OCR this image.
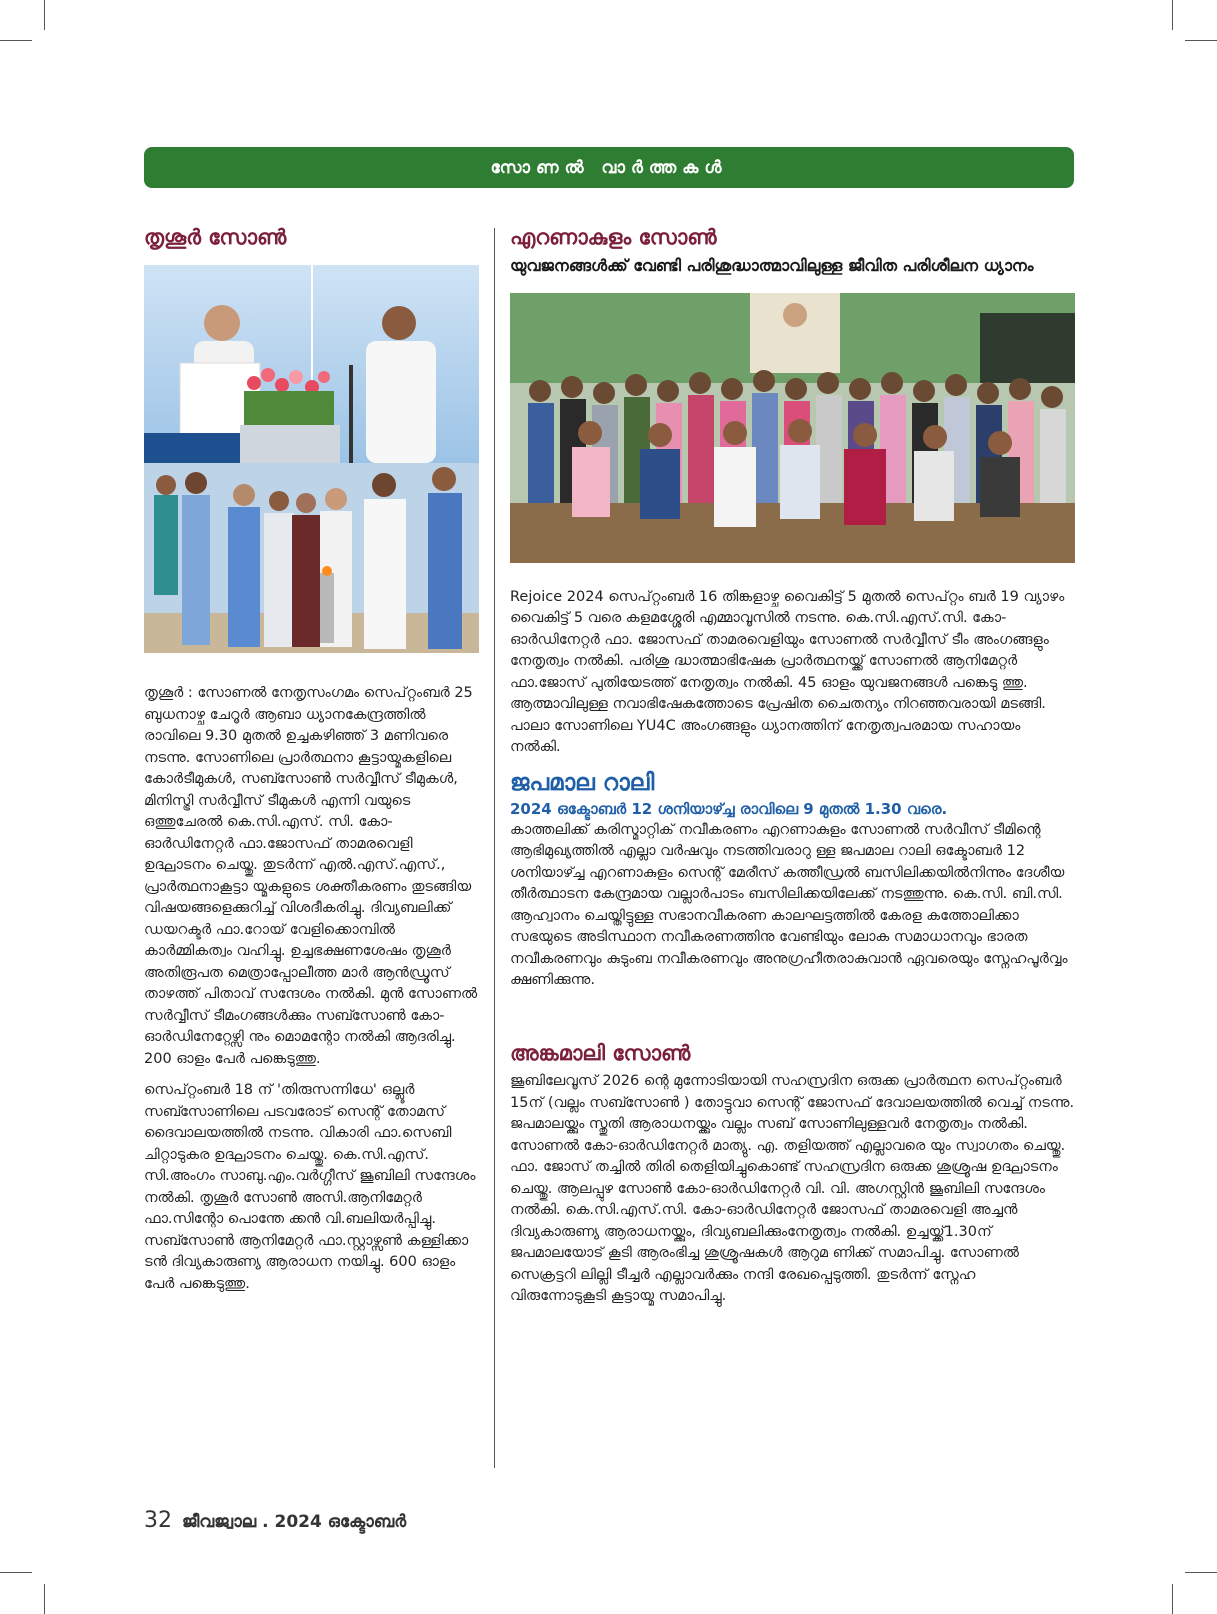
സോണൽ വാർത്തകൾ
തൃശൂർ സോൺ

തൃശൂർ : സോണൽ നേതൃസംഗമം സെപ്റ്റംബർ 25 ബുധനാഴ്ച ചേറൂർ ആബാ ധ്യാനകേന്ദ്രത്തിൽ രാവിലെ 9.30 മുതൽ ഉച്ചകഴിഞ്ഞ് 3 മണിവരെ നടന്നു. സോണിലെ പ്രാർത്ഥനാ കൂട്ടായ്മകളിലെ കോർടീമുകൾ, സബ്സോൺ സർവ്വീസ് ടീമുകൾ, മിനിസ്ട്രി സർവ്വീസ് ടീമുകൾ എന്നി വയുടെ ഒത്തുചേരൽ കെ.സി.എസ്. സി. കോ-ഓർഡിനേറ്റർ ഫാ.ജോസഫ് താമരവെളി ഉദ്ഘാടനം ചെയ്തു. തുടർന്ന് എൽ.എസ്.എസ്., പ്രാർത്ഥനാകൂട്ടാ യ്മകളുടെ ശക്തീകരണം തുടങ്ങിയ വിഷയങ്ങളെക്കുറിച്ച് വിശദീകരിച്ചു. ദിവ്യബലിക്ക് ഡയറക്ടർ ഫാ.റോയ് വേളിക്കൊമ്പിൽ കാർമ്മികത്വം വഹിച്ചു. ഉച്ചഭക്ഷണശേഷം തൃശൂർ അതിരൂപത മെത്രാപ്പോലീത്ത മാർ ആൻഡ്രൂസ് താഴത്ത് പിതാവ് സന്ദേശം നൽകി. മുൻ സോണൽ സർവ്വീസ് ടീമംഗങ്ങൾക്കും സബ്സോൺ കോ-ഓർഡിനേറ്റേഴ്സി നും മൊമന്റോ നൽകി ആദരിച്ചു. 200 ഓളം പേർ പങ്കെടുത്തു.

സെപ്റ്റംബർ 18 ന് 'തിരുസന്നിധേ' ഒല്ലൂർ സബ്സോണിലെ പടവരോട് സെന്റ് തോമസ് ദൈവാലയത്തിൽ നടന്നു. വികാരി ഫാ.സെബി ചിറ്റാടുകര ഉദ്ഘാടനം ചെയ്തു. കെ.സി.എസ്. സി.അംഗം സാബു.എം.വർഗ്ഗീസ് ജൂബിലി സന്ദേശം നൽകി. തൃശൂർ സോൺ അസി.ആനിമേറ്റർ ഫാ.സിന്റോ പൊന്തേ ക്കൻ വി.ബലിയർപ്പിച്ചു. സബ്സോൺ ആനിമേറ്റർ ഫാ.സ്റ്റാഴ്സൺ കള്ളിക്കാ ടൻ ദിവ്യകാരുണ്യ ആരാധന നയിച്ചു. 600 ഓളം പേർ പങ്കെടുത്തു.

എറണാകുളം സോൺ

യുവജനങ്ങൾക്ക് വേണ്ടി പരിശുദ്ധാത്മാവിലുള്ള ജീവിത പരിശീലന ധ്യാനം

Rejoice 2024 സെപ്റ്റംബർ 16 തിങ്കളാഴ്ച വൈകിട്ട് 5 മുതൽ സെപ്റ്റം ബർ 19 വ്യാഴം വൈകിട്ട് 5 വരെ കളമശ്ശേരി എമ്മാവൂസിൽ നടന്നു. കെ.സി.എസ്.സി. കോ-ഓർഡിനേറ്റർ ഫാ. ജോസഫ് താമരവെളിയും സോണൽ സർവ്വീസ് ടീം അംഗങ്ങളും നേതൃത്വം നൽകി. പരിശു ദ്ധാത്മാഭിഷേക പ്രാർത്ഥനയ്ക്ക് സോണൽ ആനിമേറ്റർ ഫാ.ജോസ് പുതിയേടത്ത് നേതൃത്വം നൽകി. 45 ഓളം യുവജനങ്ങൾ പങ്കെടു ത്തു. ആത്മാവിലുള്ള നവാഭിഷേകത്തോടെ പ്രേഷിത ചൈതന്യം നിറഞ്ഞവരായി മടങ്ങി. പാലാ സോണിലെ YU4C അംഗങ്ങളും ധ്യാനത്തിന് നേതൃത്വപരമായ സഹായം നൽകി.

ജപമാല റാലി

2024 ഒക്ടോബർ 12 ശനിയാഴ്ച്ച രാവിലെ 9 മുതൽ 1.30 വരെ.

കാത്തലിക്ക് കരിസ്മാറ്റിക് നവീകരണം എറണാകുളം സോണൽ സർവീസ് ടീമിന്റെ ആഭിമുഖ്യത്തിൽ എല്ലാ വർഷവും നടത്തിവരാറു ള്ള ജപമാല റാലി ഒക്ടോബർ 12 ശനിയാഴ്ച്ച എറണാകുളം സെന്റ് മേരീസ് കത്തീഡ്രൽ ബസിലിക്കയിൽനിന്നും ദേശീയ തീർത്ഥാടന കേന്ദ്രമായ വല്ലാർപാടം ബസിലിക്കയിലേക്ക് നടത്തുന്നു. കെ.സി. ബി.സി. ആഹ്വാനം ചെയ്തിട്ടുള്ള സഭാനവീകരണ കാലഘട്ടത്തിൽ കേരള കത്തോലിക്കാ സഭയുടെ അടിസ്ഥാന നവീകരണത്തിനു വേണ്ടിയും ലോക സമാധാനവും ഭാരത നവീകരണവും കുടുംബ നവീകരണവും അനുഗ്രഹീതരാകുവാൻ ഏവരെയും സ്നേഹപൂർവ്വം ക്ഷണിക്കുന്നു.

അങ്കമാലി സോൺ

ജൂബിലേവൂസ് 2026 ന്റെ മുന്നോടിയായി സഹസ്രദിന ഒരുക്ക പ്രാർത്ഥന സെപ്റ്റംബർ 15ന് (വല്ലം സബ്സോൺ ) തോട്ടുവാ സെന്റ് ജോസഫ് ദേവാലയത്തിൽ വെച്ച് നടന്നു. ജപമാലയ്ക്കും സ്തുതി ആരാധനയ്ക്കും വല്ലം സബ് സോണിലുള്ളവർ നേതൃത്വം നൽകി. സോണൽ കോ-ഓർഡിനേറ്റർ മാത്യു. എ. തളിയത്ത് എല്ലാവരെ യും സ്വാഗതം ചെയ്തു. ഫാ. ജോസ് തച്ചിൽ തിരി തെളിയിച്ചുകൊണ്ട് സഹസ്രദിന ഒരുക്ക ശുശ്രൂഷ ഉദ്ഘാടനം ചെയ്തു. ആലപ്പുഴ സോൺ കോ-ഓർഡിനേറ്റർ വി. വി. അഗസ്റ്റിൻ ജൂബിലി സന്ദേശം നൽകി. കെ.സി.എസ്.സി. കോ-ഓർഡിനേറ്റർ ജോസഫ് താമരവെളി അച്ചൻ ദിവ്യകാരുണ്യ ആരാധനയ്ക്കും, ദിവ്യബലിക്കുംനേതൃത്വം നൽകി. ഉച്ചയ്ക്ക്1.30ന് ജപമാലയോട് കൂടി ആരംഭിച്ച ശുശ്രൂഷകൾ ആറുമ ണിക്ക് സമാപിച്ചു. സോണൽ സെക്രട്ടറി ലില്ലി ടീച്ചർ എല്ലാവർക്കും നന്ദി രേഖപ്പെടുത്തി. തുടർന്ന് സ്നേഹ വിരുന്നോടുകൂടി കൂട്ടായ്മ സമാപിച്ചു.

32 ജീവജ്വാല . 2024 ഒക്ടോബർ
